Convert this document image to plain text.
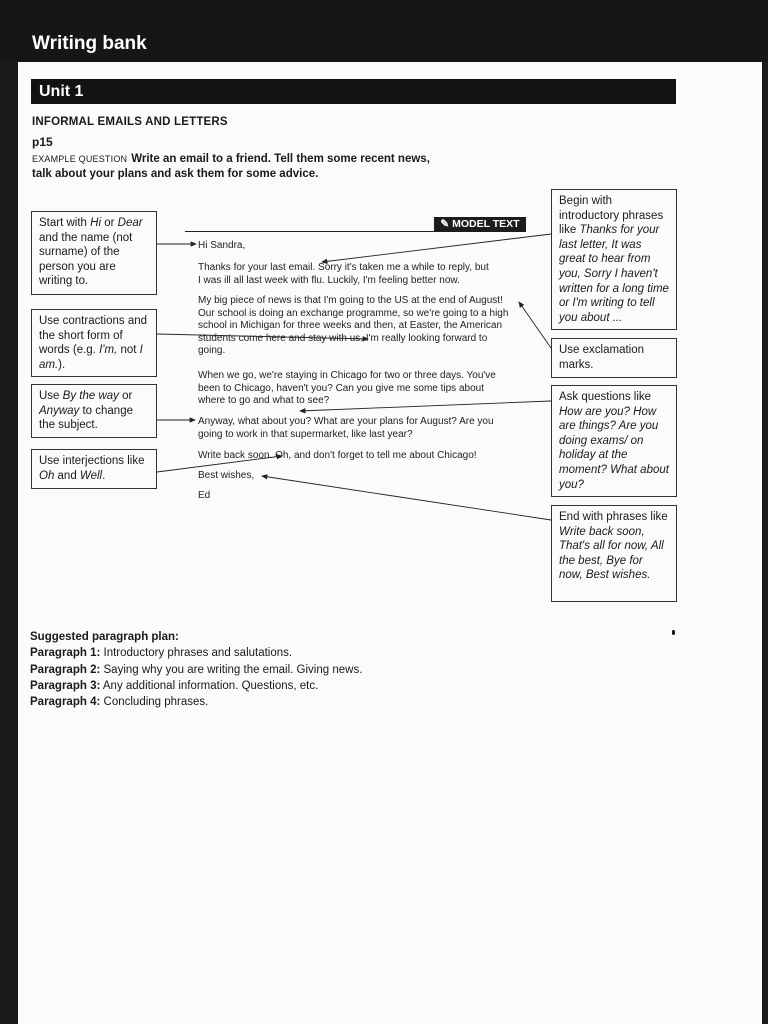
Writing bank
Unit 1
INFORMAL EMAILS AND LETTERS
p15
EXAMPLE QUESTION Write an email to a friend. Tell them some recent news, talk about your plans and ask them for some advice.
✎ MODEL TEXT
Start with Hi or Dear and the name (not surname) of the person you are writing to.
Use contractions and the short form of words (e.g. I'm, not I am.).
Use By the way or Anyway to change the subject.
Use interjections like Oh and Well.
Begin with introductory phrases like Thanks for your last letter, It was great to hear from you, Sorry I haven't written for a long time or I'm writing to tell you about ...
Use exclamation marks.
Ask questions like How are you? How are things? Are you doing exams/ on holiday at the moment? What about you?
End with phrases like Write back soon, That's all for now, All the best, Bye for now, Best wishes.
Hi Sandra,
Thanks for your last email. Sorry it's taken me a while to reply, but
I was ill all last week with flu. Luckily, I'm feeling better now.
My big piece of news is that I'm going to the US at the end of August!
Our school is doing an exchange programme, so we're going to a high
school in Michigan for three weeks and then, at Easter, the American
students come here and stay with us. I'm really looking forward to
going.
When we go, we're staying in Chicago for two or three days. You've
been to Chicago, haven't you? Can you give me some tips about
where to go and what to see?
Anyway, what about you? What are your plans for August? Are you
going to work in that supermarket, like last year?
Write back soon. Oh, and don't forget to tell me about Chicago!
Best wishes,
Ed
Suggested paragraph plan:
Paragraph 1: Introductory phrases and salutations.
Paragraph 2: Saying why you are writing the email. Giving news.
Paragraph 3: Any additional information. Questions, etc.
Paragraph 4: Concluding phrases.
